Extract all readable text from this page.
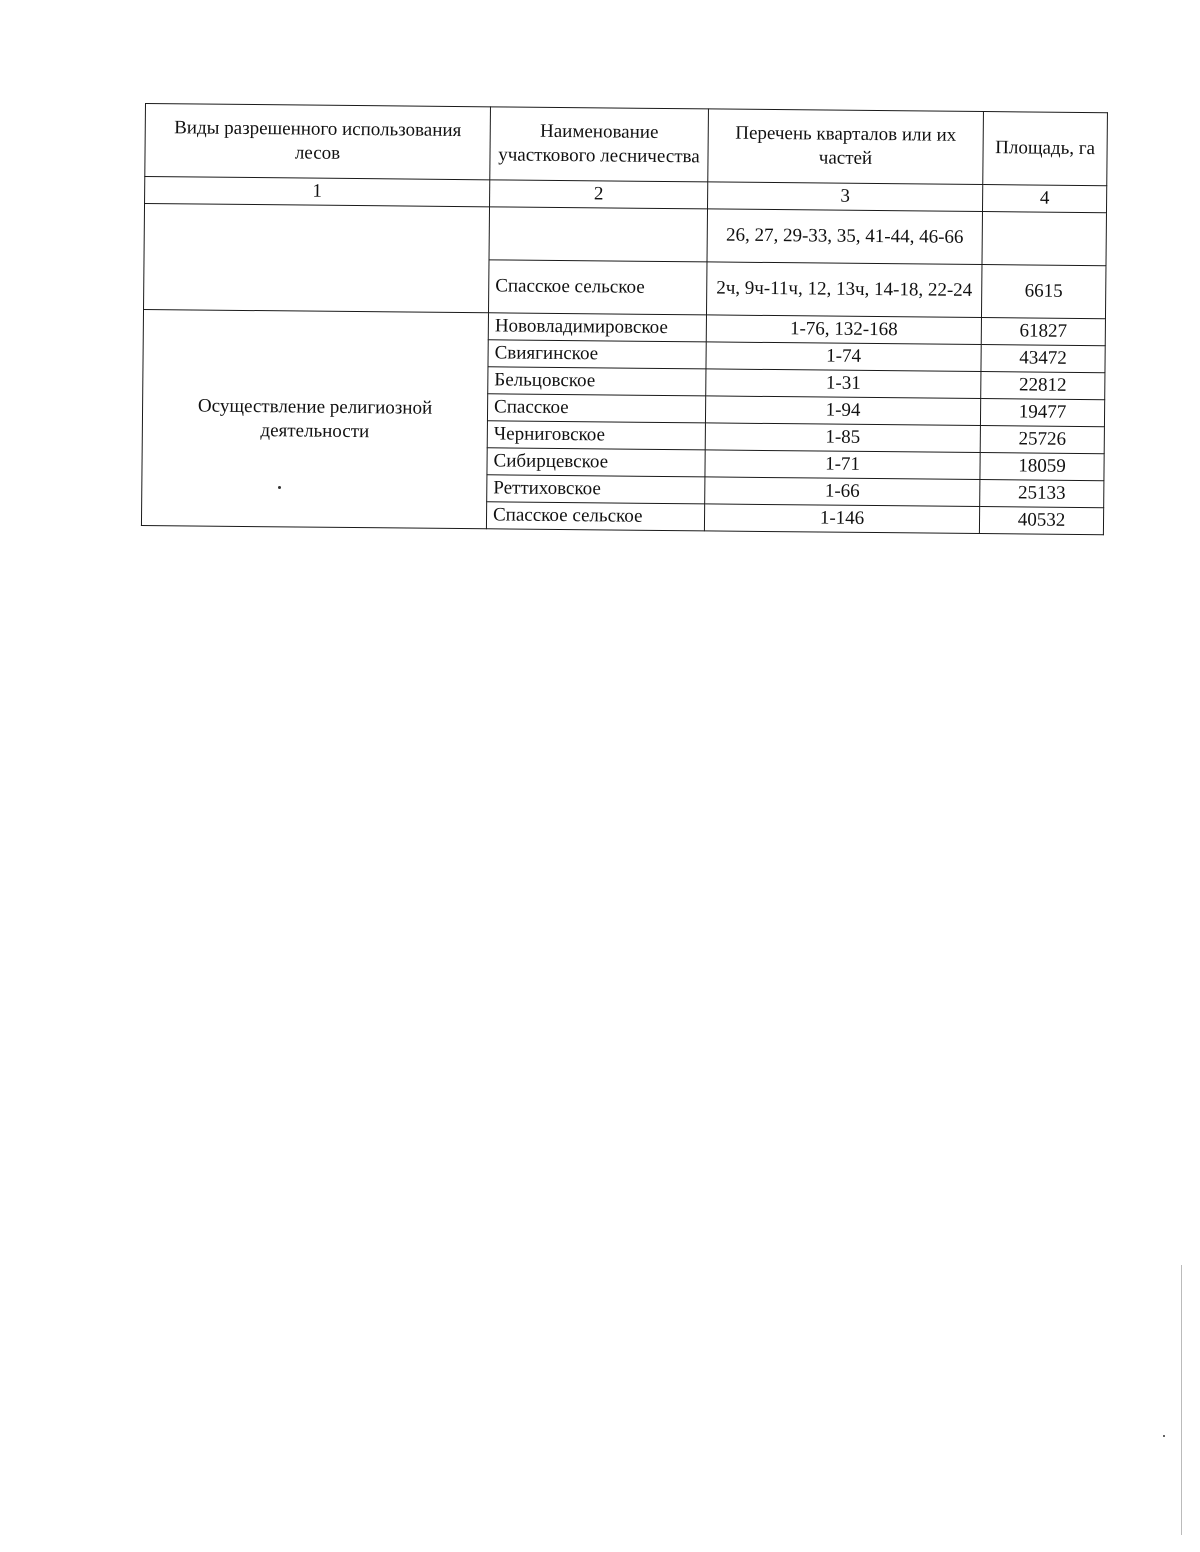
Виды разрешенного использования лесов	Наименование участкового лесничества	Перечень кварталов или их частей	Площадь, га
1	2	3	4
		26, 27, 29-33, 35, 41-44, 46-66	
	Спасское сельское	2ч, 9ч-11ч, 12, 13ч, 14-18, 22-24	6615
Осуществление религиозной деятельности	Нововладимировское	1-76, 132-168	61827
	Свиягинское	1-74	43472
	Бельцовское	1-31	22812
	Спасское	1-94	19477
	Черниговское	1-85	25726
	Сибирцевское	1-71	18059
	Реттиховское	1-66	25133
	Спасское сельское	1-146	40532
